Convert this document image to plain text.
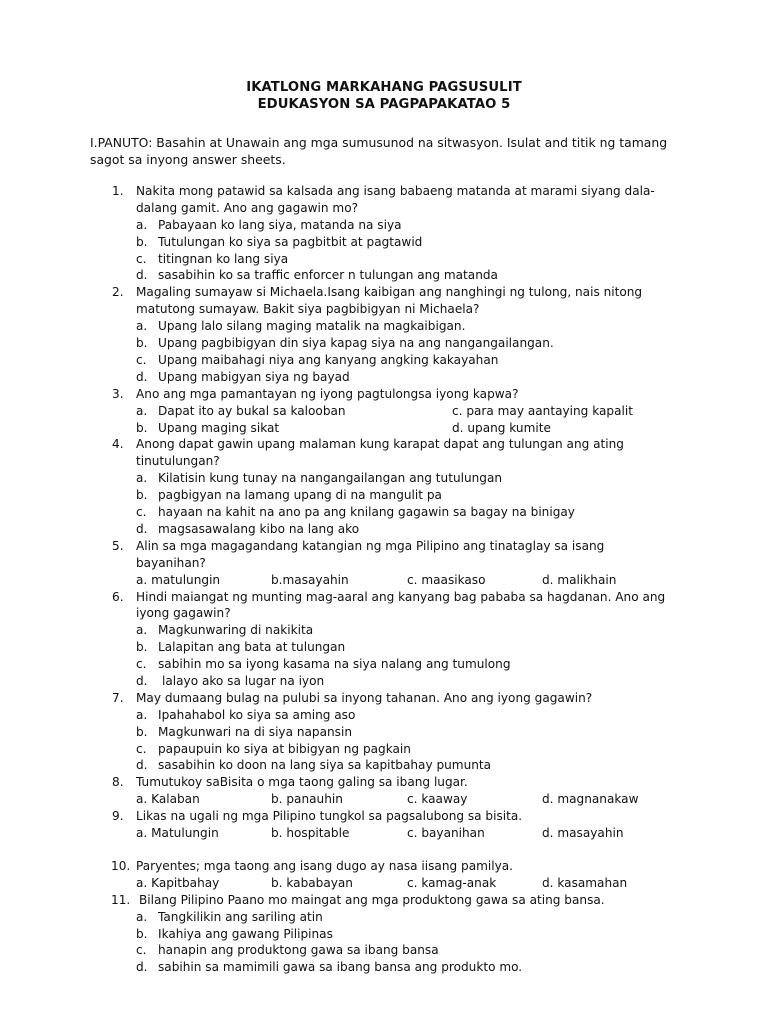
IKATLONG MARKAHANG PAGSUSULIT
EDUKASYON SA PAGPAPAKATAO 5
I.PANUTO: Basahin at Unawain ang mga sumusunod na sitwasyon. Isulat and titik ng tamang sagot sa inyong answer sheets.
1.	Nakita mong patawid sa kalsada ang isang babaeng matanda at marami siyang dala-dalang gamit. Ano ang gagawin mo?
a. Pabayaan ko lang siya, matanda na siya
b. Tutulungan ko siya sa pagbitbit at pagtawid
c. titingnan ko lang siya
d. sasabihin ko sa traffic enforcer n tulungan ang matanda
2.	Magaling sumayaw si Michaela.Isang kaibigan ang nanghingi ng tulong, nais nitong matutong sumayaw. Bakit siya pagbibigyan ni Michaela?
a. Upang lalo silang maging matalik na magkaibigan.
b. Upang pagbibigyan din siya kapag siya na ang nangangailangan.
c. Upang maibahagi niya ang kanyang angking kakayahan
d. Upang mabigyan siya ng bayad
3.	Ano ang mga pamantayan ng iyong pagtulongsa iyong kapwa?
a. Dapat ito ay bukal sa kalooban	c. para may aantaying kapalit
b. Upang maging sikat	d. upang kumite
4.	Anong dapat gawin upang malaman kung karapat dapat ang tulungan ang ating tinutulungan?
a. Kilatisin kung tunay na nangangailangan ang tutulungan
b. pagbigyan na lamang upang di na mangulit pa
c. hayaan na kahit na ano pa ang knilang gagawin sa bagay na binigay
d. magsasawalang kibo na lang ako
5.	Alin sa mga magagandang katangian ng mga Pilipino ang tinataglay sa isang bayanihan?
a. matulungin	b.masayahin	c. maasikaso	d. malikhain
6.	Hindi maiangat ng munting mag-aaral ang kanyang bag pababa sa hagdanan. Ano ang iyong gagawin?
a. Magkunwaring di nakikita
b. Lalapitan ang bata at tulungan
c. sabihin mo sa iyong kasama na siya nalang ang tumulong
d. lalayo ako sa lugar na iyon
7.	May dumaang bulag na pulubi sa inyong tahanan. Ano ang iyong gagawin?
a. Ipahahabol ko siya sa aming aso
b. Magkunwari na di siya napansin
c. papaupuin ko siya at bibigyan ng pagkain
d. sasabihin ko doon na lang siya sa kapitbahay pumunta
8.	Tumutukoy saBisita o mga taong galing sa ibang lugar.
a. Kalaban	b. panauhin	c. kaaway	d. magnanakaw
9.	Likas na ugali ng mga Pilipino tungkol sa pagsalubong sa bisita.
a. Matulungin	b. hospitable	c. bayanihan	d. masayahin
10. Paryentes; mga taong ang isang dugo ay nasa iisang pamilya.
a. Kapitbahay	b. kababayan	c. kamag-anak	d. kasamahan
11. Bilang Pilipino Paano mo maingat ang mga produktong gawa sa ating bansa.
a. Tangkilikin ang sariling atin
b. Ikahiya ang gawang Pilipinas
c. hanapin ang produktong gawa sa ibang bansa
d. sabihin sa mamimili gawa sa ibang bansa ang produkto mo.
